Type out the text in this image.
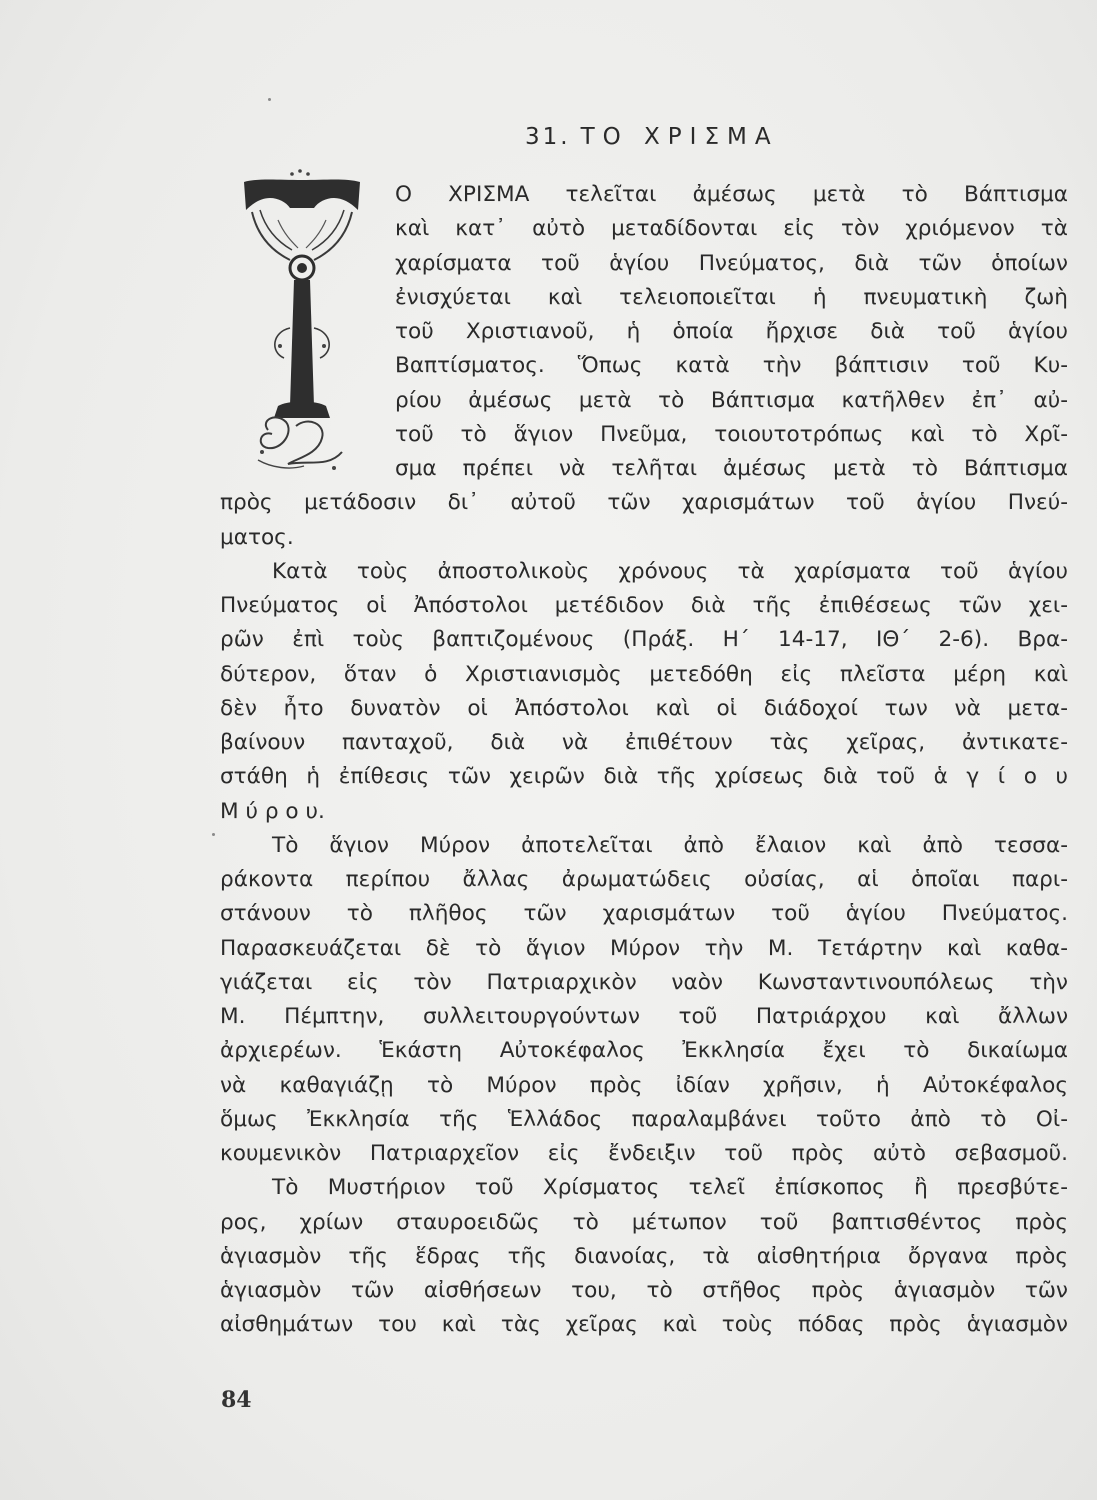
31. ΤΟ ΧΡΙΣΜΑ
Ο ΧΡΙΣΜΑ τελεῖται ἀμέσως μετὰ τὸ Βάπτισμα
καὶ κατ᾽ αὐτὸ μεταδίδονται εἰς τὸν χριόμενον τὰ
χαρίσματα τοῦ ἁγίου Πνεύματος, διὰ τῶν ὁποίων
ἐνισχύεται καὶ τελειοποιεῖται ἡ πνευματικὴ ζωὴ
τοῦ Χριστιανοῦ, ἡ ὁποία ἤρχισε διὰ τοῦ ἁγίου
Βαπτίσματος. Ὅπως κατὰ τὴν βάπτισιν τοῦ Κυ-
ρίου ἀμέσως μετὰ τὸ Βάπτισμα κατῆλθεν ἐπ᾽ αὐ-
τοῦ τὸ ἅγιον Πνεῦμα, τοιουτοτρόπως καὶ τὸ Χρῖ-
σμα πρέπει νὰ τελῆται ἀμέσως μετὰ τὸ Βάπτισμα
πρὸς μετάδοσιν δι᾽ αὐτοῦ τῶν χαρισμάτων τοῦ ἁγίου Πνεύ-
ματος.
Κατὰ τοὺς ἀποστολικοὺς χρόνους τὰ χαρίσματα τοῦ ἁγίου
Πνεύματος οἱ Ἀπόστολοι μετέδιδον διὰ τῆς ἐπιθέσεως τῶν χει-
ρῶν ἐπὶ τοὺς βαπτιζομένους (Πράξ. Η΄ 14-17, ΙΘ΄ 2-6). Βρα-
δύτερον, ὅταν ὁ Χριστιανισμὸς μετεδόθη εἰς πλεῖστα μέρη καὶ
δὲν ἦτο δυνατὸν οἱ Ἀπόστολοι καὶ οἱ διάδοχοί των νὰ μετα-
βαίνουν πανταχοῦ, διὰ νὰ ἐπιθέτουν τὰς χεῖρας, ἀντικατε-
στάθη ἡ ἐπίθεσις τῶν χειρῶν διὰ τῆς χρίσεως διὰ τοῦ ἁ γ ί ο υ
Μ ύ ρ ο υ.
Τὸ ἅγιον Μύρον ἀποτελεῖται ἀπὸ ἔλαιον καὶ ἀπὸ τεσσα-
ράκοντα περίπου ἄλλας ἀρωματώδεις οὐσίας, αἱ ὁποῖαι παρι-
στάνουν τὸ πλῆθος τῶν χαρισμάτων τοῦ ἁγίου Πνεύματος.
Παρασκευάζεται δὲ τὸ ἅγιον Μύρον τὴν Μ. Τετάρτην καὶ καθα-
γιάζεται εἰς τὸν Πατριαρχικὸν ναὸν Κωνσταντινουπόλεως τὴν
Μ. Πέμπτην, συλλειτουργούντων τοῦ Πατριάρχου καὶ ἄλλων
ἀρχιερέων. Ἑκάστη Αὐτοκέφαλος Ἐκκλησία ἔχει τὸ δικαίωμα
νὰ καθαγιάζῃ τὸ Μύρον πρὸς ἰδίαν χρῆσιν, ἡ Αὐτοκέφαλος
ὅμως Ἐκκλησία τῆς Ἑλλάδος παραλαμβάνει τοῦτο ἀπὸ τὸ Οἰ-
κουμενικὸν Πατριαρχεῖον εἰς ἔνδειξιν τοῦ πρὸς αὐτὸ σεβασμοῦ.
Τὸ Μυστήριον τοῦ Χρίσματος τελεῖ ἐπίσκοπος ἢ πρεσβύτε-
ρος, χρίων σταυροειδῶς τὸ μέτωπον τοῦ βαπτισθέντος πρὸς
ἁγιασμὸν τῆς ἕδρας τῆς διανοίας, τὰ αἰσθητήρια ὄργανα πρὸς
ἁγιασμὸν τῶν αἰσθήσεων του, τὸ στῆθος πρὸς ἁγιασμὸν τῶν
αἰσθημάτων του καὶ τὰς χεῖρας καὶ τοὺς πόδας πρὸς ἁγιασμὸν
84
